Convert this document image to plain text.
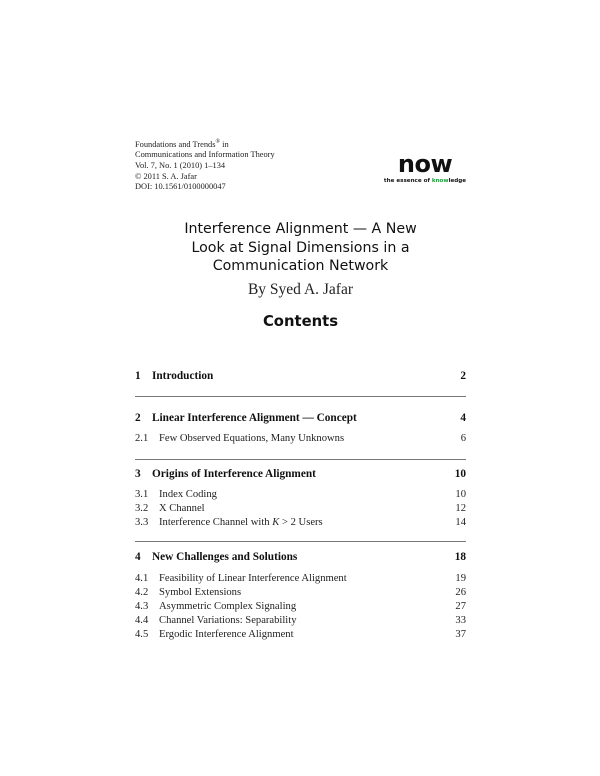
Foundations and Trends® in
Communications and Information Theory
Vol. 7, No. 1 (2010) 1–134
© 2011 S. A. Jafar
DOI: 10.1561/0100000047
now
the essence of knowledge
Interference Alignment — A New
Look at Signal Dimensions in a
Communication Network
By Syed A. Jafar
Contents
1	Introduction	2
2	Linear Interference Alignment — Concept	4
2.1	Few Observed Equations, Many Unknowns	6
3	Origins of Interference Alignment	10
3.1	Index Coding	10
3.2	X Channel	12
3.3	Interference Channel with K > 2 Users	14
4	New Challenges and Solutions	18
4.1	Feasibility of Linear Interference Alignment	19
4.2	Symbol Extensions	26
4.3	Asymmetric Complex Signaling	27
4.4	Channel Variations: Separability	33
4.5	Ergodic Interference Alignment	37
